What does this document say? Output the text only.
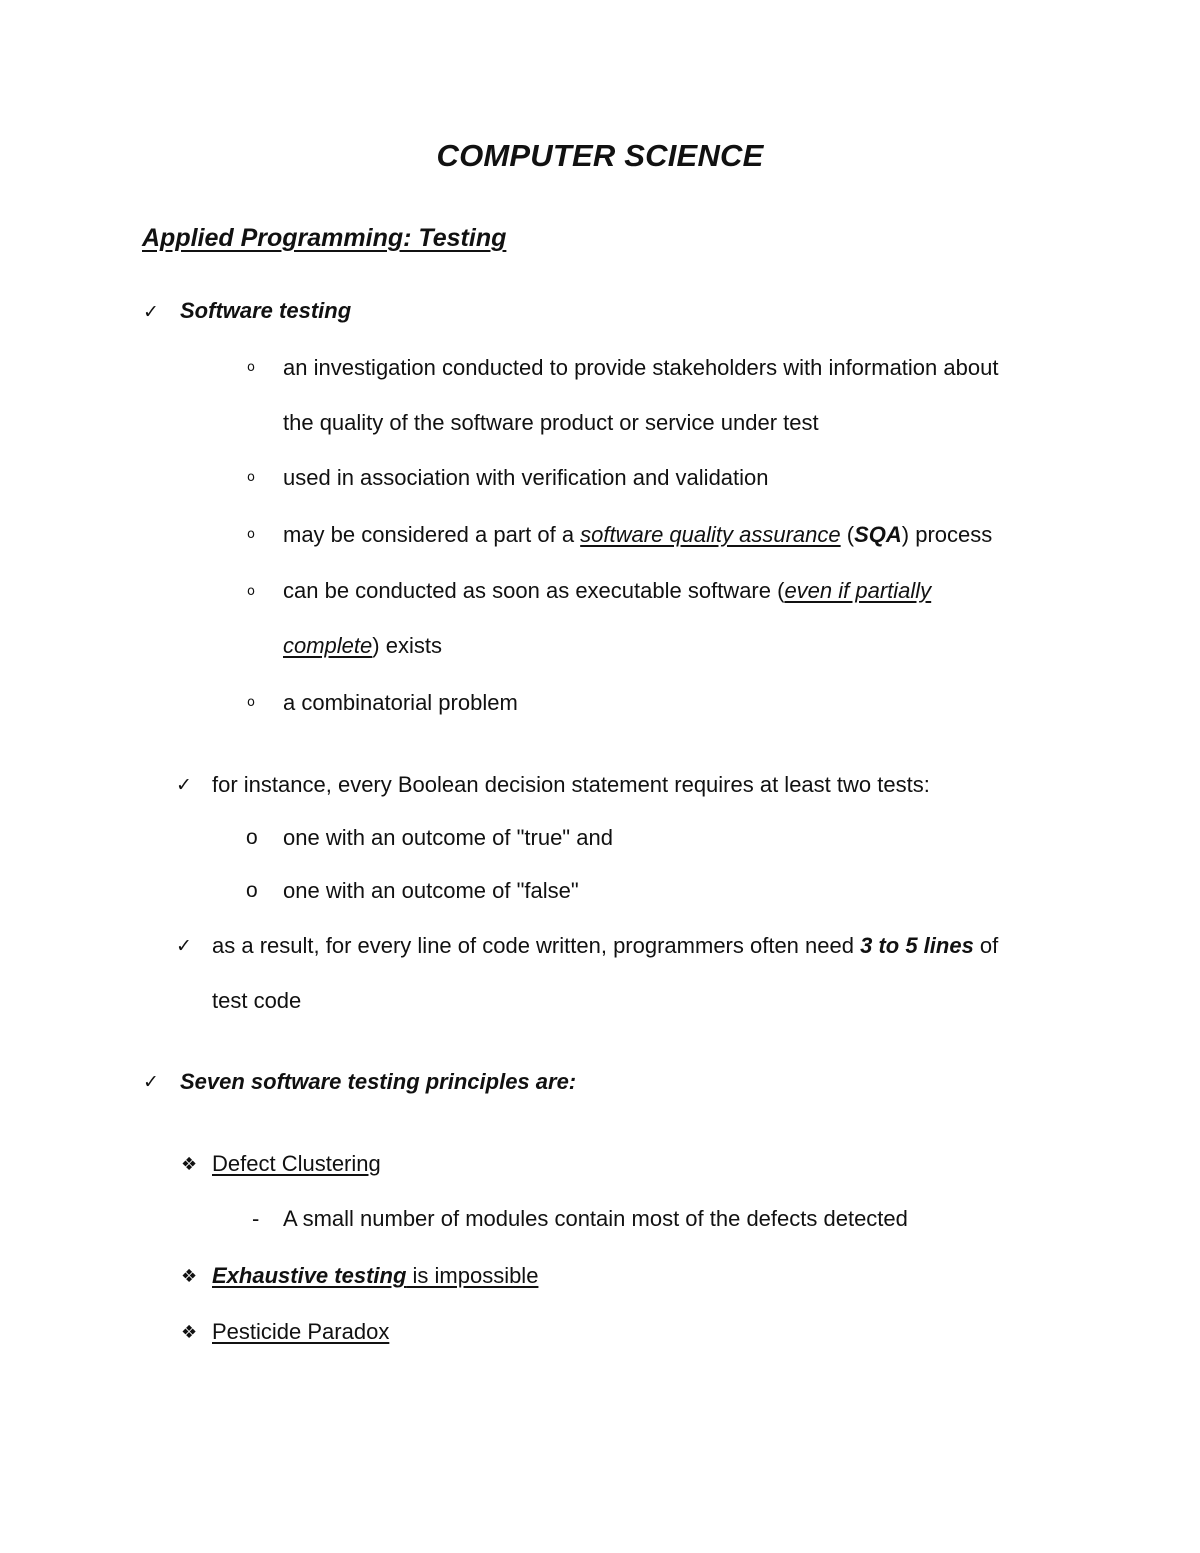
COMPUTER SCIENCE
Applied Programming: Testing
✓ Software testing
o an investigation conducted to provide stakeholders with information about
the quality of the software product or service under test
o used in association with verification and validation
o may be considered a part of a software quality assurance (SQA) process
o can be conducted as soon as executable software (even if partially
complete) exists
o a combinatorial problem
✓ for instance, every Boolean decision statement requires at least two tests:
o one with an outcome of "true" and
o one with an outcome of "false"
✓ as a result, for every line of code written, programmers often need 3 to 5 lines of
test code
✓ Seven software testing principles are:
❖ Defect Clustering
- A small number of modules contain most of the defects detected
❖ Exhaustive testing is impossible
❖ Pesticide Paradox
